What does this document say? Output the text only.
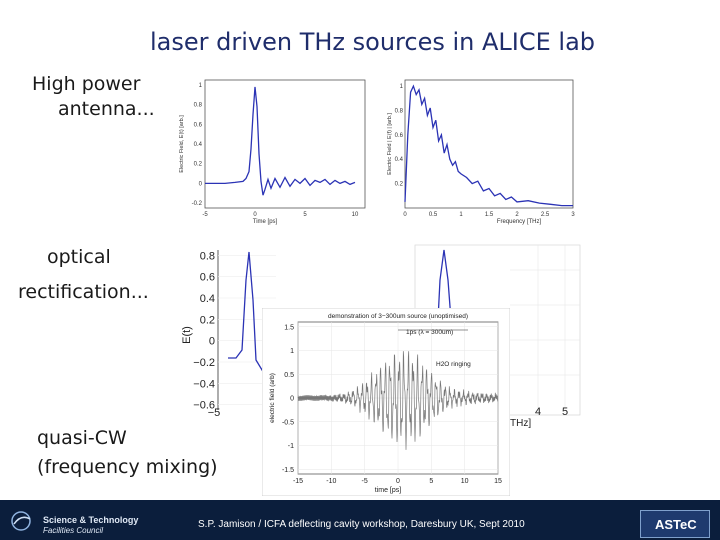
laser driven THz sources in ALICE lab
High power
antenna...
optical
rectification...
quasi-CW
(frequency mixing)
-5	0	5	10
1
0.8
0.6
0.4
0.2
0
-0.2
Time [ps]
Electric Field, E(t) [arb.]
0	0.5	1	1.5	2	2.5	3
1
0.8
0.6
0.4
0.2
Frequency [THz]
Electric Field | E(f) | [arb.]
0.8
0.6
0.4
0.2
0
−0.2
−0.4
−0.6
E(t)
−5	4 5
THz]
-15	-10	-5	0	5	10	15
1.5
1
0.5
0
-0.5
-1
-1.5
time [ps]
electric field (arb)
demonstration of 3−300um source (unoptimised)
1ps (λ = 300um)
H2O ringing
Science & Technology
Facilities Council
S.P. Jamison / ICFA deflecting cavity workshop, Daresbury UK, Sept 2010	ASTeC
